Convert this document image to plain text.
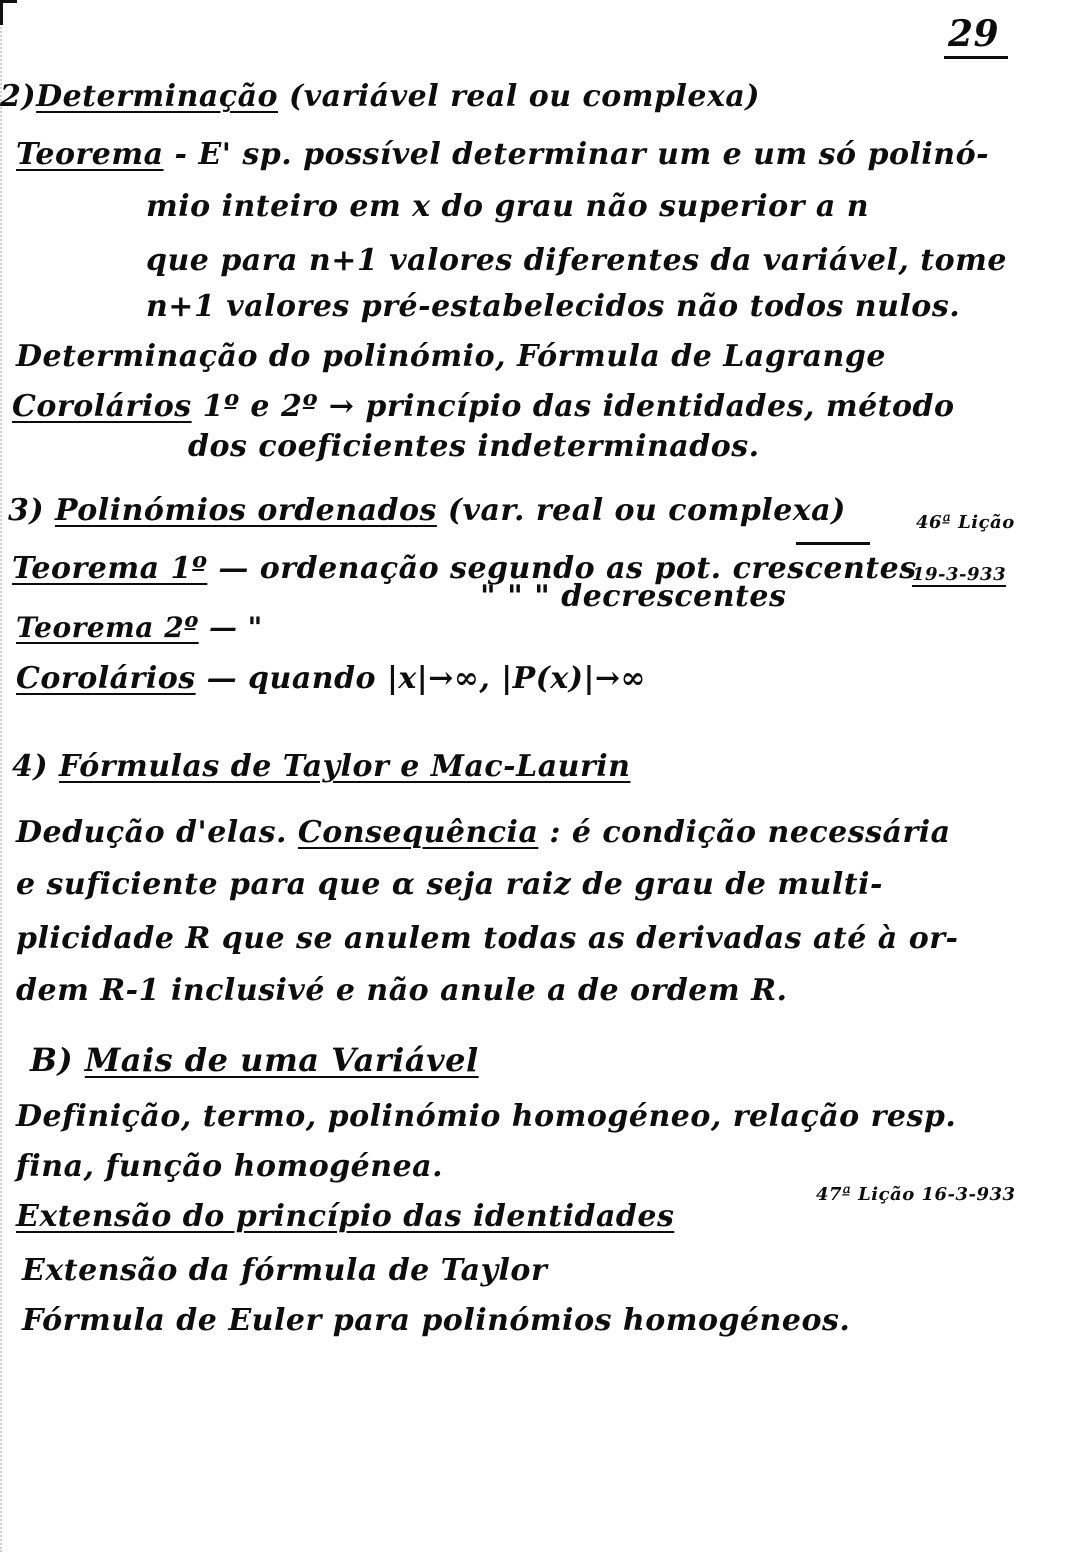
29
2)Determinação (variável real ou complexa)
Teorema - E' sp. possível determinar um e um só polinó-
mio inteiro em x do grau não superior a n
que para n+1 valores diferentes da variável, tome
n+1 valores pré-estabelecidos não todos nulos.
Determinação do polinómio, Fórmula de Lagrange
Corolários 1º e 2º → princípio das identidades, método
dos coeficientes indeterminados.
3) Polinómios ordenados (var. real ou complexa)
Teorema 1º — ordenação segundo as pot. crescentes
46ª Lição
19-3-933
" " " decrescentes
Teorema 2º — "
Corolários — quando |x|→∞, |P(x)|→∞
4) Fórmulas de Taylor e Mac-Laurin
Dedução d'elas. Consequência : é condição necessária
e suficiente para que α seja raiz de grau de multi-
plicidade R que se anulem todas as derivadas até à or-
dem R-1 inclusivé e não anule a de ordem R.
B) Mais de uma Variável
Definição, termo, polinómio homogéneo, relação resp.
fina, função homogénea.
Extensão do princípio das identidades
47ª Lição 16-3-933
Extensão da fórmula de Taylor
Fórmula de Euler para polinómios homogéneos.
